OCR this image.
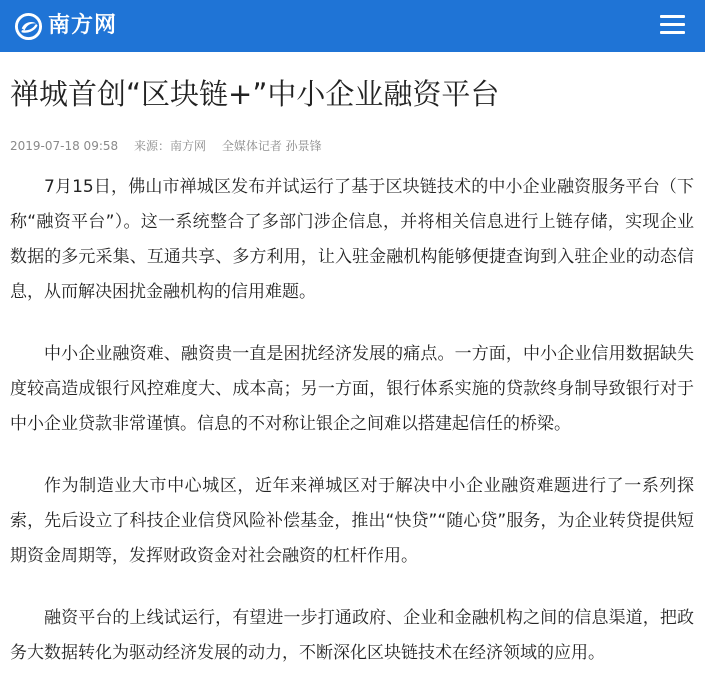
南方网
禅城首创“区块链+”中小企业融资平台
2019-07-18 09:58 来源：南方网 全媒体记者 孙景锋

7月15日，佛山市禅城区发布并试运行了基于区块链技术的中小企业融资服务平台（下称“融资平台”）。这一系统整合了多部门涉企信息，并将相关信息进行上链存储，实现企业数据的多元采集、互通共享、多方利用，让入驻金融机构能够便捷查询到入驻企业的动态信息，从而解决困扰金融机构的信用难题。

中小企业融资难、融资贵一直是困扰经济发展的痛点。一方面，中小企业信用数据缺失度较高造成银行风控难度大、成本高；另一方面，银行体系实施的贷款终身制导致银行对于中小企业贷款非常谨慎。信息的不对称让银企之间难以搭建起信任的桥梁。

作为制造业大市中心城区，近年来禅城区对于解决中小企业融资难题进行了一系列探索，先后设立了科技企业信贷风险补偿基金，推出“快贷”“随心贷”服务，为企业转贷提供短期资金周期等，发挥财政资金对社会融资的杠杆作用。

融资平台的上线试运行，有望进一步打通政府、企业和金融机构之间的信息渠道，把政务大数据转化为驱动经济发展的动力，不断深化区块链技术在经济领域的应用。
